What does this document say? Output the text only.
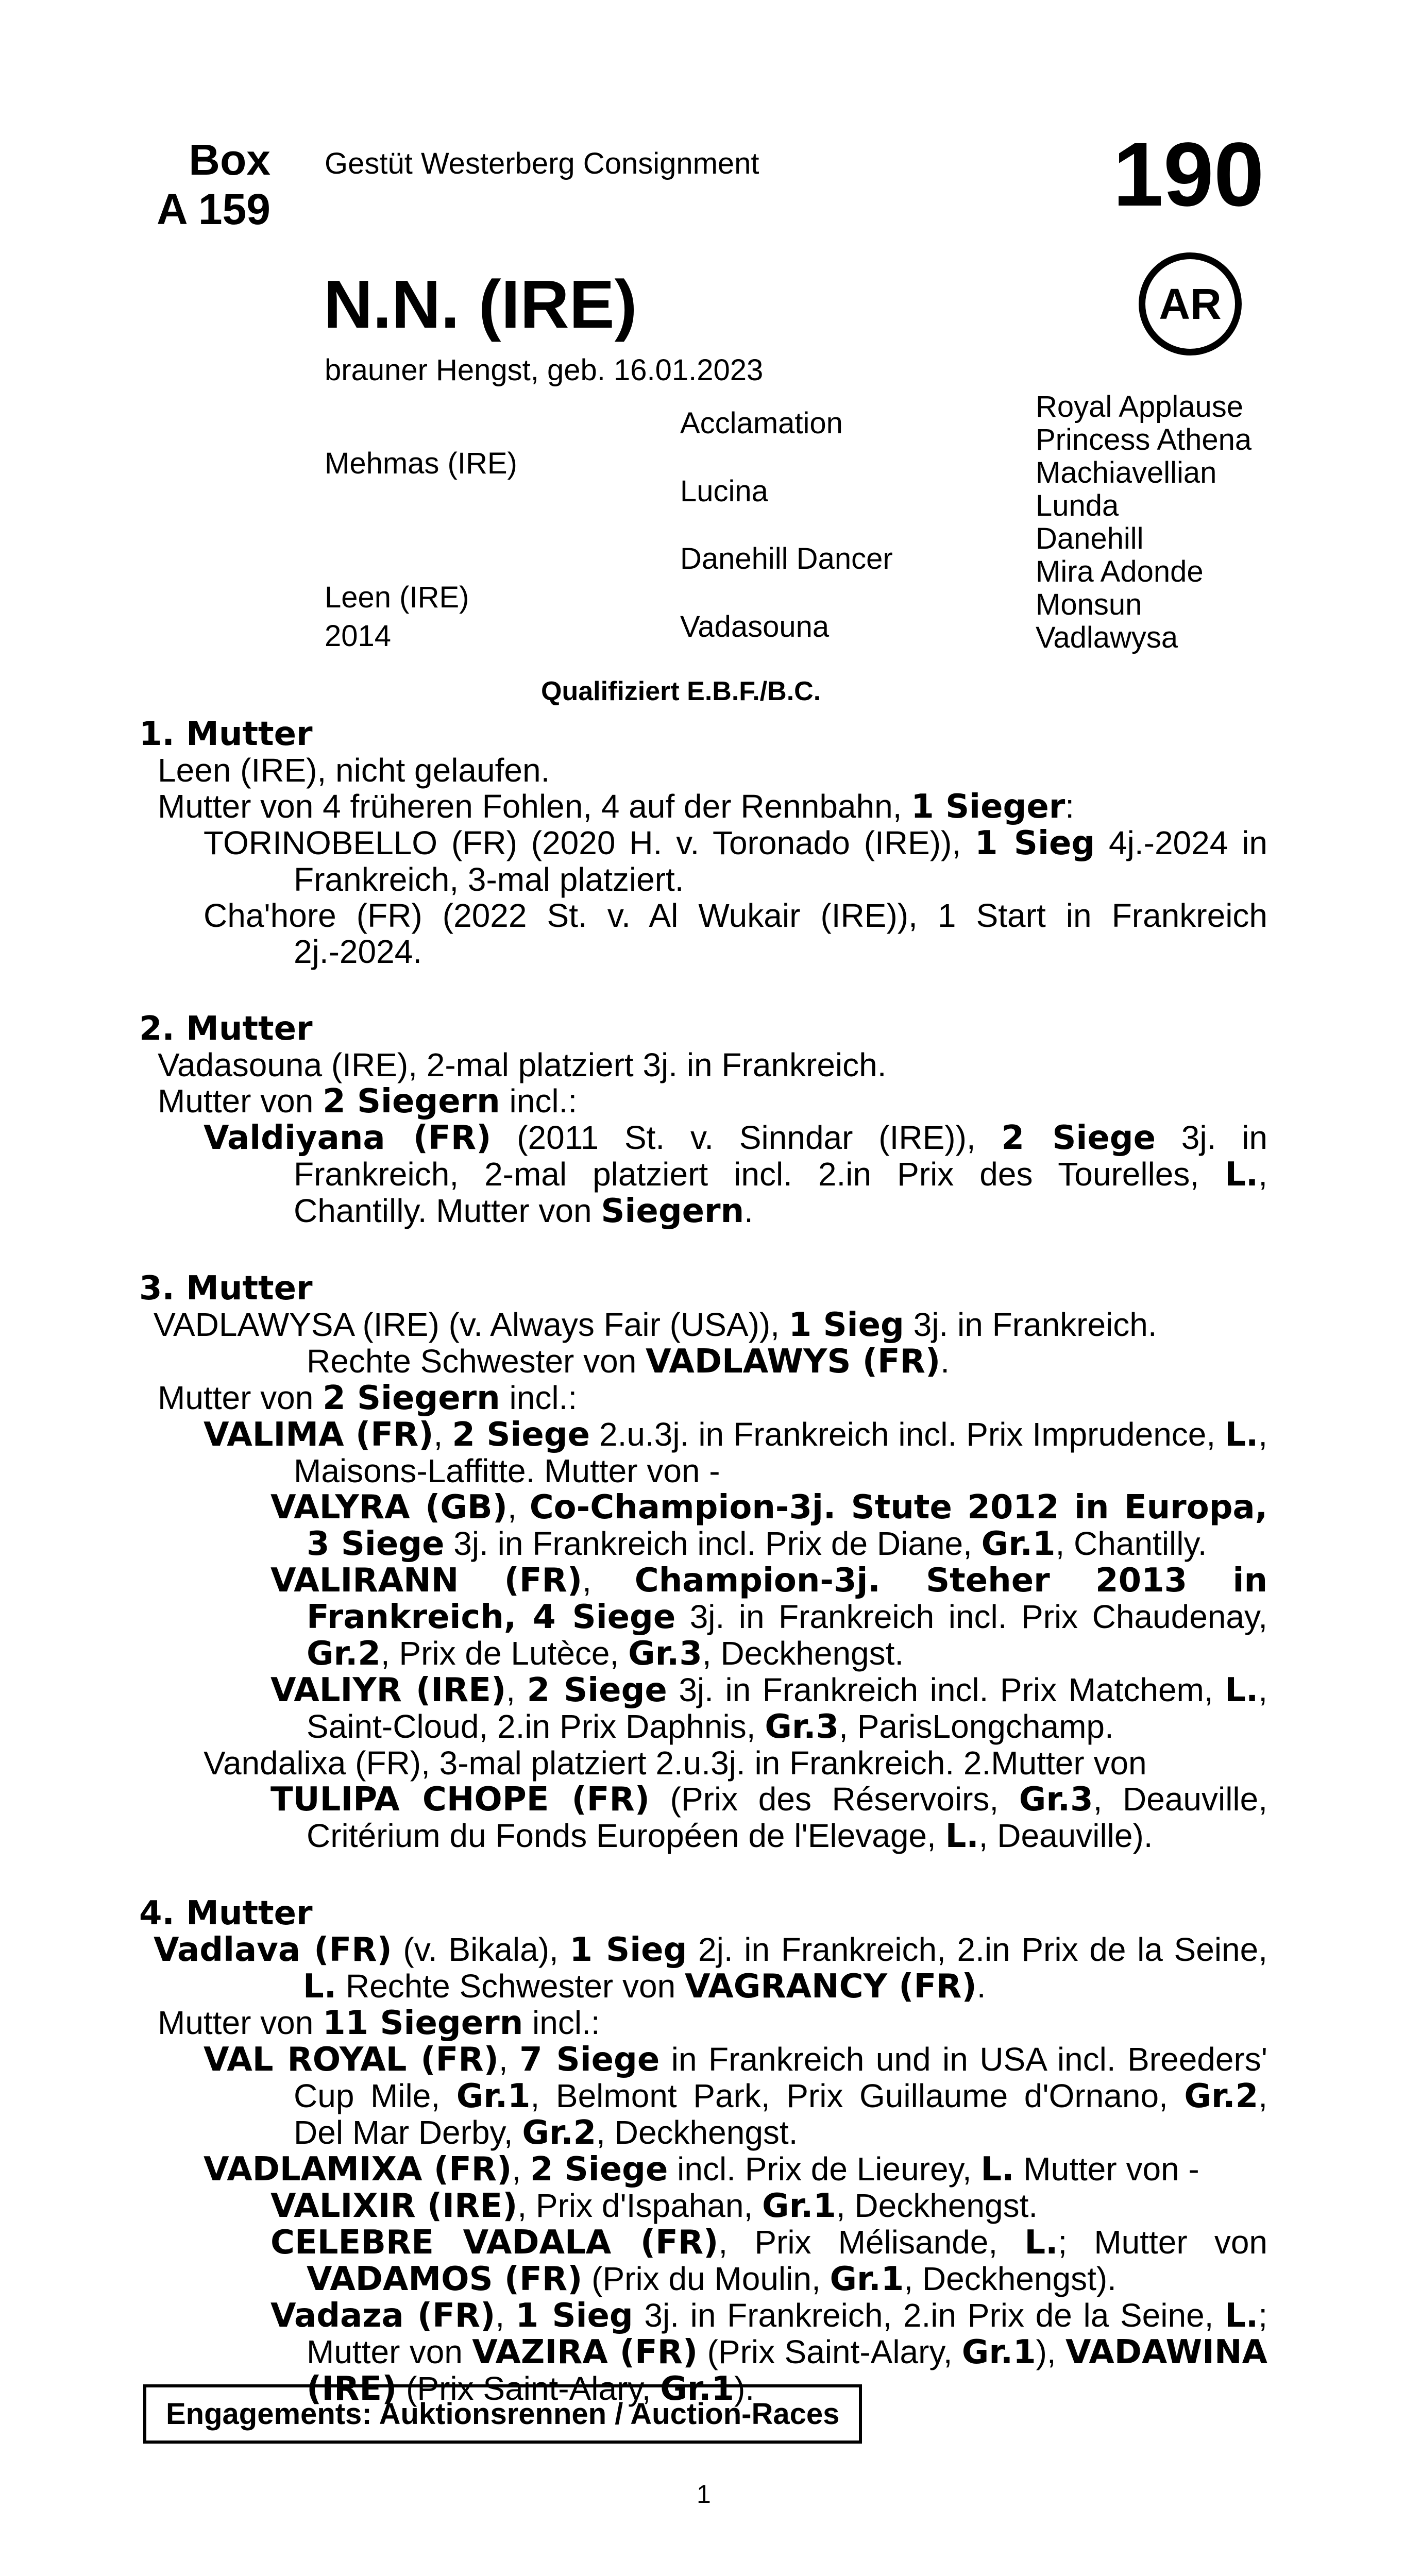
Box
A 159
Gestüt Westerberg Consignment	190
AR
N.N. (IRE)
brauner Hengst, geb. 16.01.2023
Mehmas (IRE)
Leen (IRE)
2014
Acclamation
Lucina
Danehill Dancer
Vadasouna
Royal Applause
Princess Athena
Machiavellian
Lunda
Danehill
Mira Adonde
Monsun
Vadlawysa
Qualifiziert E.B.F./B.C.
1. Mutter
Leen (IRE), nicht gelaufen.
Mutter von 4 früheren Fohlen, 4 auf der Rennbahn, 1 Sieger:
TORINOBELLO (FR) (2020 H. v. Toronado (IRE)), 1 Sieg 4j.-2024 in Frankreich, 3-mal platziert.
Cha'hore (FR) (2022 St. v. Al Wukair (IRE)), 1 Start in Frankreich 2j.-2024.
2. Mutter
Vadasouna (IRE), 2-mal platziert 3j. in Frankreich.
Mutter von 2 Siegern incl.:
Valdiyana (FR) (2011 St. v. Sinndar (IRE)), 2 Siege 3j. in Frankreich, 2-mal platziert incl. 2.in Prix des Tourelles, L., Chantilly. Mutter von Siegern.
3. Mutter
VADLAWYSA (IRE) (v. Always Fair (USA)), 1 Sieg 3j. in Frankreich.
Rechte Schwester von VADLAWYS (FR).
Mutter von 2 Siegern incl.:
VALIMA (FR), 2 Siege 2.u.3j. in Frankreich incl. Prix Imprudence, L., Maisons-Laffitte. Mutter von -
VALYRA (GB), Co-Champion-3j. Stute 2012 in Europa, 3 Siege 3j. in Frankreich incl. Prix de Diane, Gr.1, Chantilly.
VALIRANN (FR), Champion-3j. Steher 2013 in Frankreich, 4 Siege 3j. in Frankreich incl. Prix Chaudenay, Gr.2, Prix de Lutèce, Gr.3, Deckhengst.
VALIYR (IRE), 2 Siege 3j. in Frankreich incl. Prix Matchem, L., Saint-Cloud, 2.in Prix Daphnis, Gr.3, ParisLongchamp.
Vandalixa (FR), 3-mal platziert 2.u.3j. in Frankreich. 2.Mutter von
TULIPA CHOPE (FR) (Prix des Réservoirs, Gr.3, Deauville, Critérium du Fonds Européen de l'Elevage, L., Deauville).
4. Mutter
Vadlava (FR) (v. Bikala), 1 Sieg 2j. in Frankreich, 2.in Prix de la Seine, L. Rechte Schwester von VAGRANCY (FR).
Mutter von 11 Siegern incl.:
VAL ROYAL (FR), 7 Siege in Frankreich und in USA incl. Breeders' Cup Mile, Gr.1, Belmont Park, Prix Guillaume d'Ornano, Gr.2, Del Mar Derby, Gr.2, Deckhengst.
VADLAMIXA (FR), 2 Siege incl. Prix de Lieurey, L. Mutter von -
VALIXIR (IRE), Prix d'Ispahan, Gr.1, Deckhengst.
CELEBRE VADALA (FR), Prix Mélisande, L.; Mutter von VADAMOS (FR) (Prix du Moulin, Gr.1, Deckhengst).
Vadaza (FR), 1 Sieg 3j. in Frankreich, 2.in Prix de la Seine, L.; Mutter von VAZIRA (FR) (Prix Saint-Alary, Gr.1), VADAWINA (IRE) (Prix Saint-Alary, Gr.1).
Engagements: Auktionsrennen / Auction-Races
1
